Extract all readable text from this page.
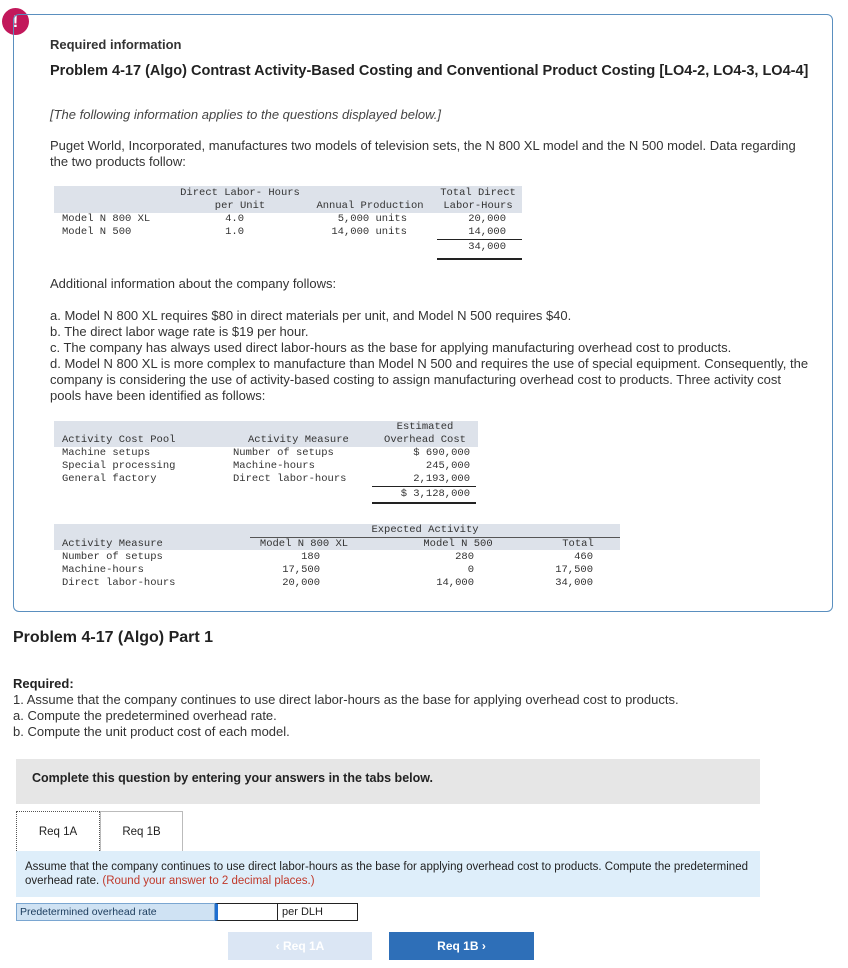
!
Required information
Problem 4-17 (Algo) Contrast Activity-Based Costing and Conventional Product Costing [LO4-2, LO4-3, LO4-4]
[The following information applies to the questions displayed below.]
Puget World, Incorporated, manufactures two models of television sets, the N 800 XL model and the N 500 model. Data regarding the two products follow:
Direct Labor- Hours
per Unit	Annual Production
Total Direct
Labor-Hours
Model N 800 XL	4.0	5,000 units	20,000
Model N 500	1.0	14,000 units	14,000
34,000
Additional information about the company follows:
a. Model N 800 XL requires $80 in direct materials per unit, and Model N 500 requires $40.
b. The direct labor wage rate is $19 per hour.
c. The company has always used direct labor-hours as the base for applying manufacturing overhead cost to products.
d. Model N 800 XL is more complex to manufacture than Model N 500 and requires the use of special equipment. Consequently, the company is considering the use of activity-based costing to assign manufacturing overhead cost to products. Three activity cost pools have been identified as follows:
Estimated
Overhead Cost
Activity Cost Pool	Activity Measure
Machine setups	Number of setups	$ 690,000
Special processing	Machine-hours	245,000
General factory	Direct labor-hours	2,193,000
$ 3,128,000
Expected Activity
Activity Measure	Model N 800 XL	Model N 500	Total
Number of setups	180	280	460
Machine-hours	17,500	0	17,500
Direct labor-hours	20,000	14,000	34,000
Problem 4-17 (Algo) Part 1
Required:
1. Assume that the company continues to use direct labor-hours as the base for applying overhead cost to products.
a. Compute the predetermined overhead rate.
b. Compute the unit product cost of each model.
Complete this question by entering your answers in the tabs below.
Req 1A	Req 1B
Assume that the company continues to use direct labor-hours as the base for applying overhead cost to products. Compute the predetermined overhead rate. (Round your answer to 2 decimal places.)
Predetermined overhead rate	per DLH
‹ Req 1A	Req 1B ›
